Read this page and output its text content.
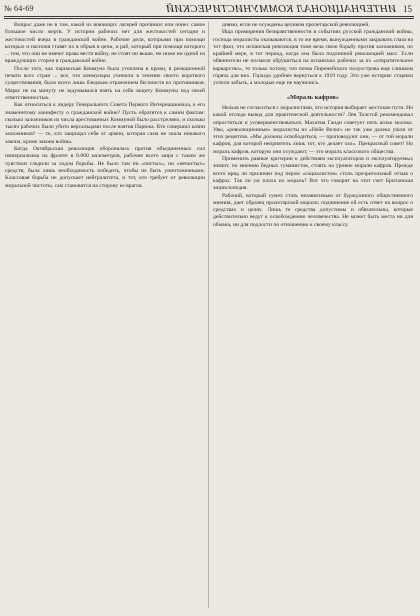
№ 64-69	ИНТЕРНАЦИОНАЛ КОММУНИСТИЧЕСКИЙ 15

Вопрос даже не в том, какой из воюющих лагерей причинил или понес самое большое число жертв. У истории рабочих нет для жестокостей сегодня и жестокостей вчера в гражданской войне. Рабочие дели, которыми при помощи которых и насилия ставят их в обрыв в цепи, и раб, который при помощи которого ... тем, что они не имеют права вести войну, не стоят ни выше, ни ниже ни одной из враждующих сторон в гражданской войне.

После того, как парижская Коммуна была утоплена в крови, в реакционной печати всех стран ... все, что коммунары учинили в течение своего короткого существования, было всего лишь бледным отражением бесчинств их противников. Маркс не на минуту не задумывался взять на себя защиту Коммуны под своей ответственностью.

Как относиться к лидеру Генерального Совета Первого Интернационала, к его знаменитому манифесту о гражданской войне? Пусть обратятся к самим фактам: сколько заложников из числа арестованных Коммуной было расстреляно, и сколько тысяч рабочих было убито версальцами после взятия Парижа. Кто совершил казни заложников? — те, кто защищал себя от армии, которая сама не знала никакого закона, кроме закона войны.

Когда Октябрьская революция оборонялась против объединенных сил империализма на фронте в 8.000 километров, рабочие всего мира с таким же чувством следили за ходом борьбы. Не было там ни «чистых», ни «нечистых» средств; была лишь необходимость победить, чтобы не быть уничтоженными. Классовая борьба не допускает нейтралитета, и тот, кто требует от революции моральной чистоты, сам становится на сторону ее врагов.

днями, если не осуждены целиком пролетарской революцией.

Ища примирения безнравственности в событиях русской гражданской войны, господа моралисты оказываются, в то же время, вынужденными закрывать глаза на тот факт, что испанская революция тоже вела свою борьбу против заложников, по крайней мере, в тот период, когда она была подлинной революцией масс. Если обвинители не посмели обрушиться на испанских рабочих за их «отвратительное варварство», то только потому, что почва Пиренейского полуострова еще слишком горяча для них. Гораздо удобнее вернуться к 1919 году. Это уже история: старики успели забыть, а молодые еще не научились.

«Мораль кафров»

Нельзя не согласиться с моралистами, что история выбирает жестокие пути. Но какой отсюда вывод для практической деятельности? Лев Толстой рекомендовал опроститься и усовершенствоваться. Махатма Ганди советует пить козье молоко. Увы, «революционные» моралисты из «Нейе Вельт» не так уже далеко ушли от этих рецептов. «Мы должны освободиться, — проповедуют они, — от той морали кафров, для которой неприятель лишь тот, кто делает зло». Прекрасный совет! Но мораль кафров, которую они осуждают, — это мораль классового общества.

Применить равные критерии к действиям эксплуататоров и эксплуатируемых значит, по мнению бедных гуманистов, стоять на уровне морали кафров. Прежде всего вряд ли приличен под пером «социалистов» столь презрительный отзыв о кафрах. Так ли уж плоха их мораль? Вот что говорит на этот счет Британская энциклопедия.

Рабочий, который сумел стать независимым от буржуазного общественного мнения, дает образец пролетарской морали; подчинение ей есть ответ на вопрос о средствах и целях. Лишь те средства допустимы и обязательны, которые действительно ведут к освобождению человечества. Не может быть места ни для обмана, ни для подлости по отношению к своему классу.
